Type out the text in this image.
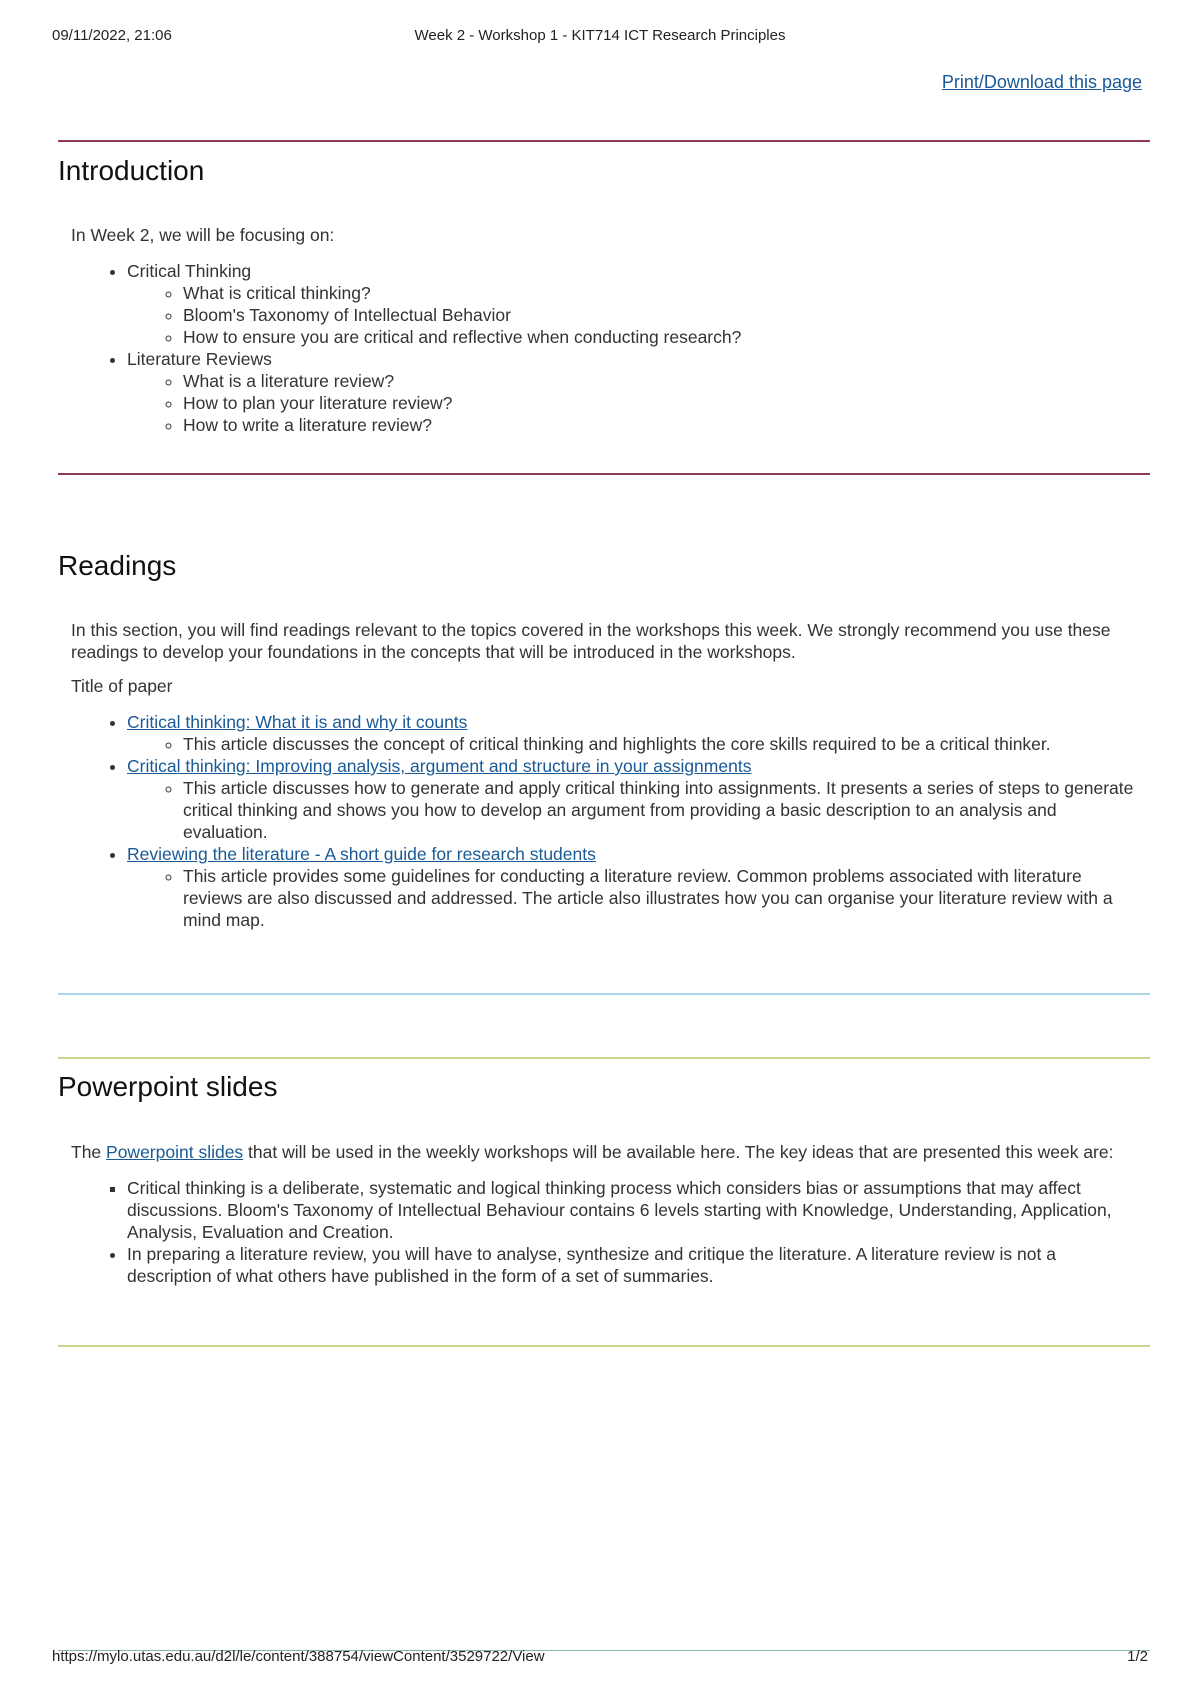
09/11/2022, 21:06	Week 2 - Workshop 1 - KIT714 ICT Research Principles
Print/Download this page
Introduction

In Week 2, we will be focusing on:

• Critical Thinking
◦ What is critical thinking?
◦ Bloom's Taxonomy of Intellectual Behavior
◦ How to ensure you are critical and reflective when conducting research?
• Literature Reviews
◦ What is a literature review?
◦ How to plan your literature review?
◦ How to write a literature review?
Readings

In this section, you will find readings relevant to the topics covered in the workshops this week. We strongly recommend you use these readings to develop your foundations in the concepts that will be introduced in the workshops.

Title of paper

• Critical thinking: What it is and why it counts
◦ This article discusses the concept of critical thinking and highlights the core skills required to be a critical thinker.
• Critical thinking: Improving analysis, argument and structure in your assignments
◦ This article discusses how to generate and apply critical thinking into assignments. It presents a series of steps to generate critical thinking and shows you how to develop an argument from providing a basic description to an analysis and evaluation.
• Reviewing the literature - A short guide for research students
◦ This article provides some guidelines for conducting a literature review. Common problems associated with literature reviews are also discussed and addressed. The article also illustrates how you can organise your literature review with a mind map.
Powerpoint slides

The Powerpoint slides that will be used in the weekly workshops will be available here. The key ideas that are presented this week are:

▪ Critical thinking is a deliberate, systematic and logical thinking process which considers bias or assumptions that may affect discussions. Bloom's Taxonomy of Intellectual Behaviour contains 6 levels starting with Knowledge, Understanding, Application, Analysis, Evaluation and Creation.
• In preparing a literature review, you will have to analyse, synthesize and critique the literature. A literature review is not a description of what others have published in the form of a set of summaries.
https://mylo.utas.edu.au/d2l/le/content/388754/viewContent/3529722/View	1/2
